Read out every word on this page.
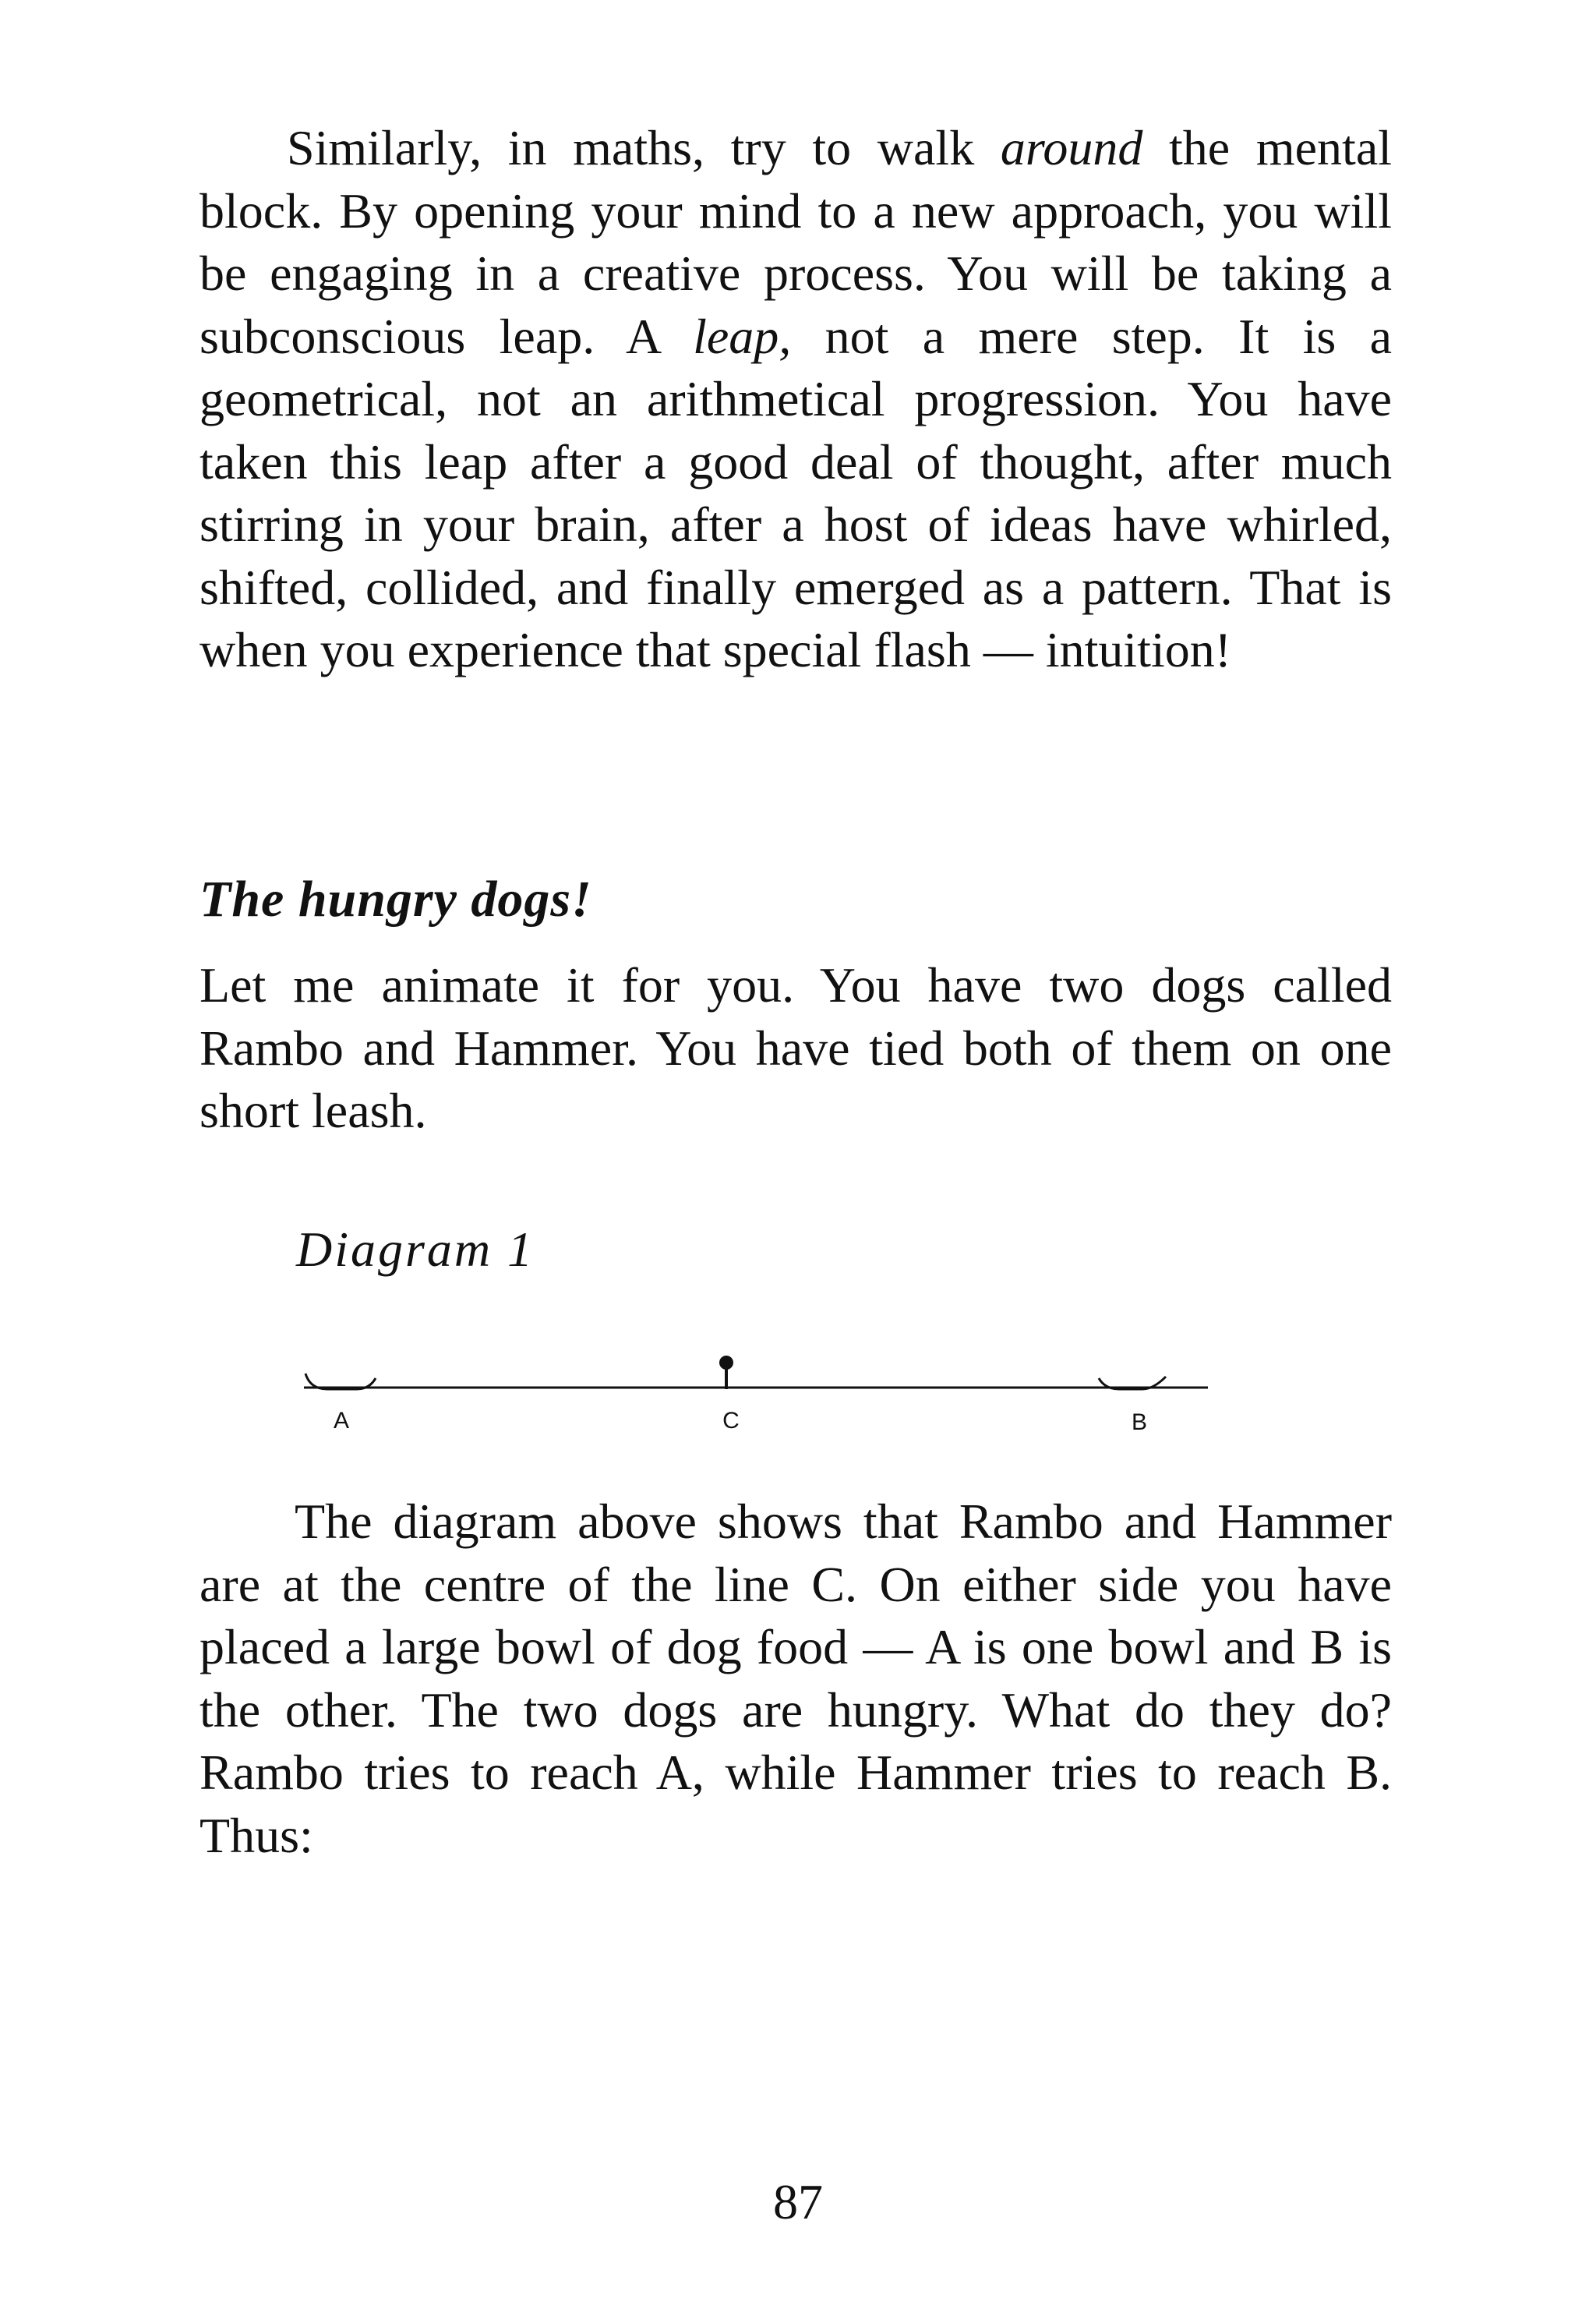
Similarly, in maths, try to walk around the mental block. By opening your mind to a new approach, you will be engaging in a creative process. You will be taking a subconscious leap. A leap, not a mere step. It is a geometrical, not an arithmetical progression. You have taken this leap after a good deal of thought, after much stirring in your brain, after a host of ideas have whirled, shifted, collided, and finally emerged as a pattern. That is when you experience that special flash — intuition!

The hungry dogs!

Let me animate it for you. You have two dogs called Rambo and Hammer. You have tied both of them on one short leash.

Diagram 1

A	C	B

The diagram above shows that Rambo and Hammer are at the centre of the line C. On either side you have placed a large bowl of dog food — A is one bowl and B is the other. The two dogs are hungry. What do they do? Rambo tries to reach A, while Hammer tries to reach B. Thus:

87
